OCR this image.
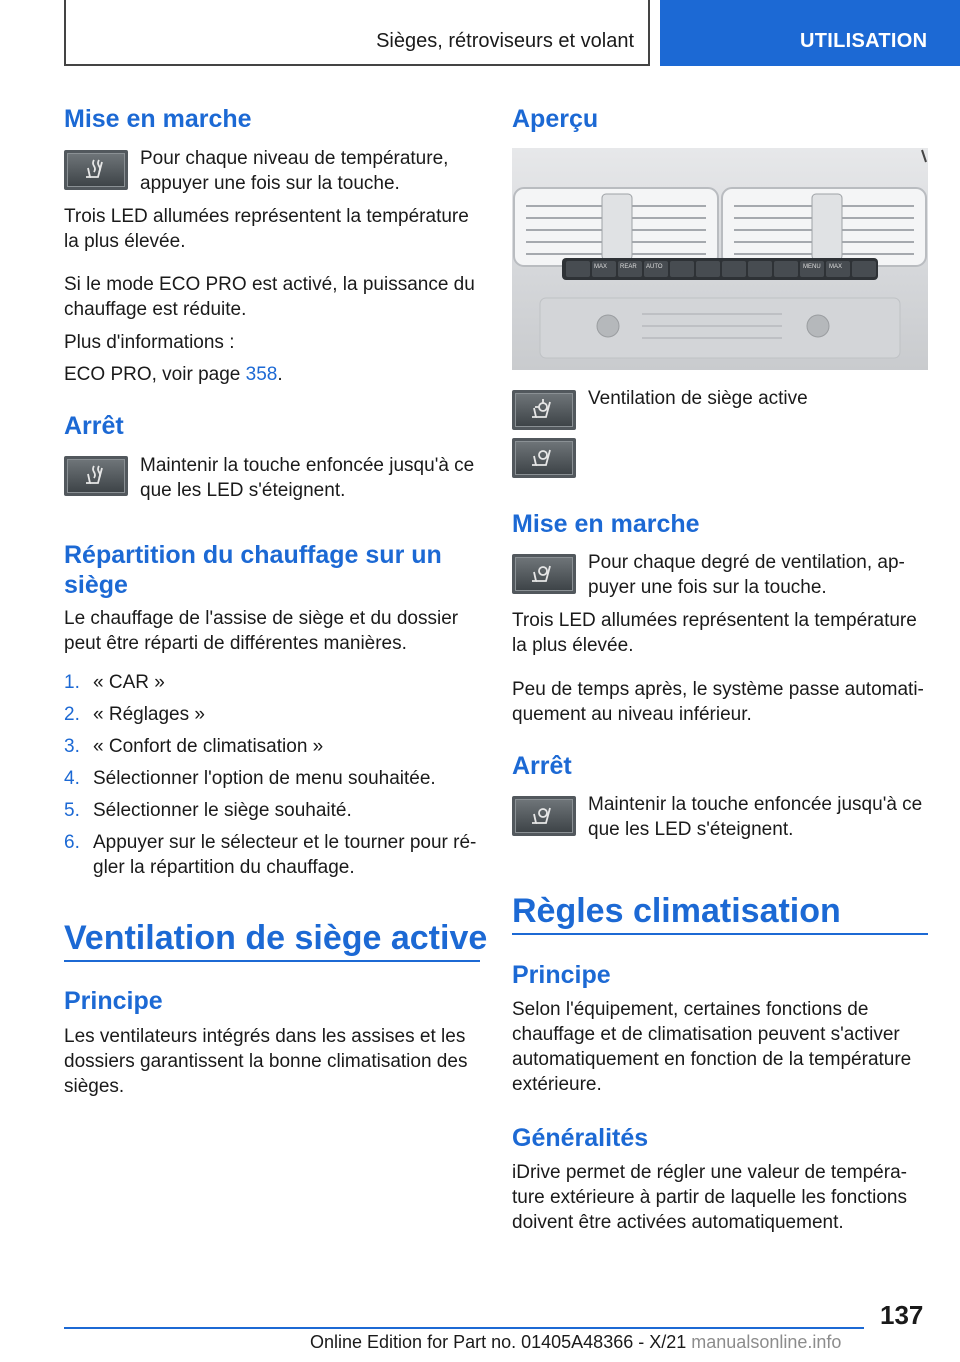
Sièges, rétroviseurs et volant	UTILISATION
Mise en marche
Pour chaque niveau de température,
appuyer une fois sur la touche.
Trois LED allumées représentent la température
la plus élevée.
Si le mode ECO PRO est activé, la puissance du
chauffage est réduite.
Plus d'informations :
ECO PRO, voir page 358.
Arrêt
Maintenir la touche enfoncée jusqu'à ce
que les LED s'éteignent.
Répartition du chauffage sur un
siège
Le chauffage de l'assise de siège et du dossier
peut être réparti de différentes manières.
1. « CAR »
2. « Réglages »
3. « Confort de climatisation »
4. Sélectionner l'option de menu souhaitée.
5. Sélectionner le siège souhaité.
6. Appuyer sur le sélecteur et le tourner pour ré-
gler la répartition du chauffage.
Ventilation de siège active
Principe
Les ventilateurs intégrés dans les assises et les
dossiers garantissent la bonne climatisation des
sièges.
Aperçu
MAX REAR AUTO	MENU MAX
Ventilation de siège active
Mise en marche
Pour chaque degré de ventilation, ap-
puyer une fois sur la touche.
Trois LED allumées représentent la température
la plus élevée.
Peu de temps après, le système passe automati-
quement au niveau inférieur.
Arrêt
Maintenir la touche enfoncée jusqu'à ce
que les LED s'éteignent.
Règles climatisation
Principe
Selon l'équipement, certaines fonctions de
chauffage et de climatisation peuvent s'activer
automatiquement en fonction de la température
extérieure.
Généralités
iDrive permet de régler une valeur de tempéra-
ture extérieure à partir de laquelle les fonctions
doivent être activées automatiquement.
137
Online Edition for Part no. 01405A48366 - X/21 manualsonline.info
